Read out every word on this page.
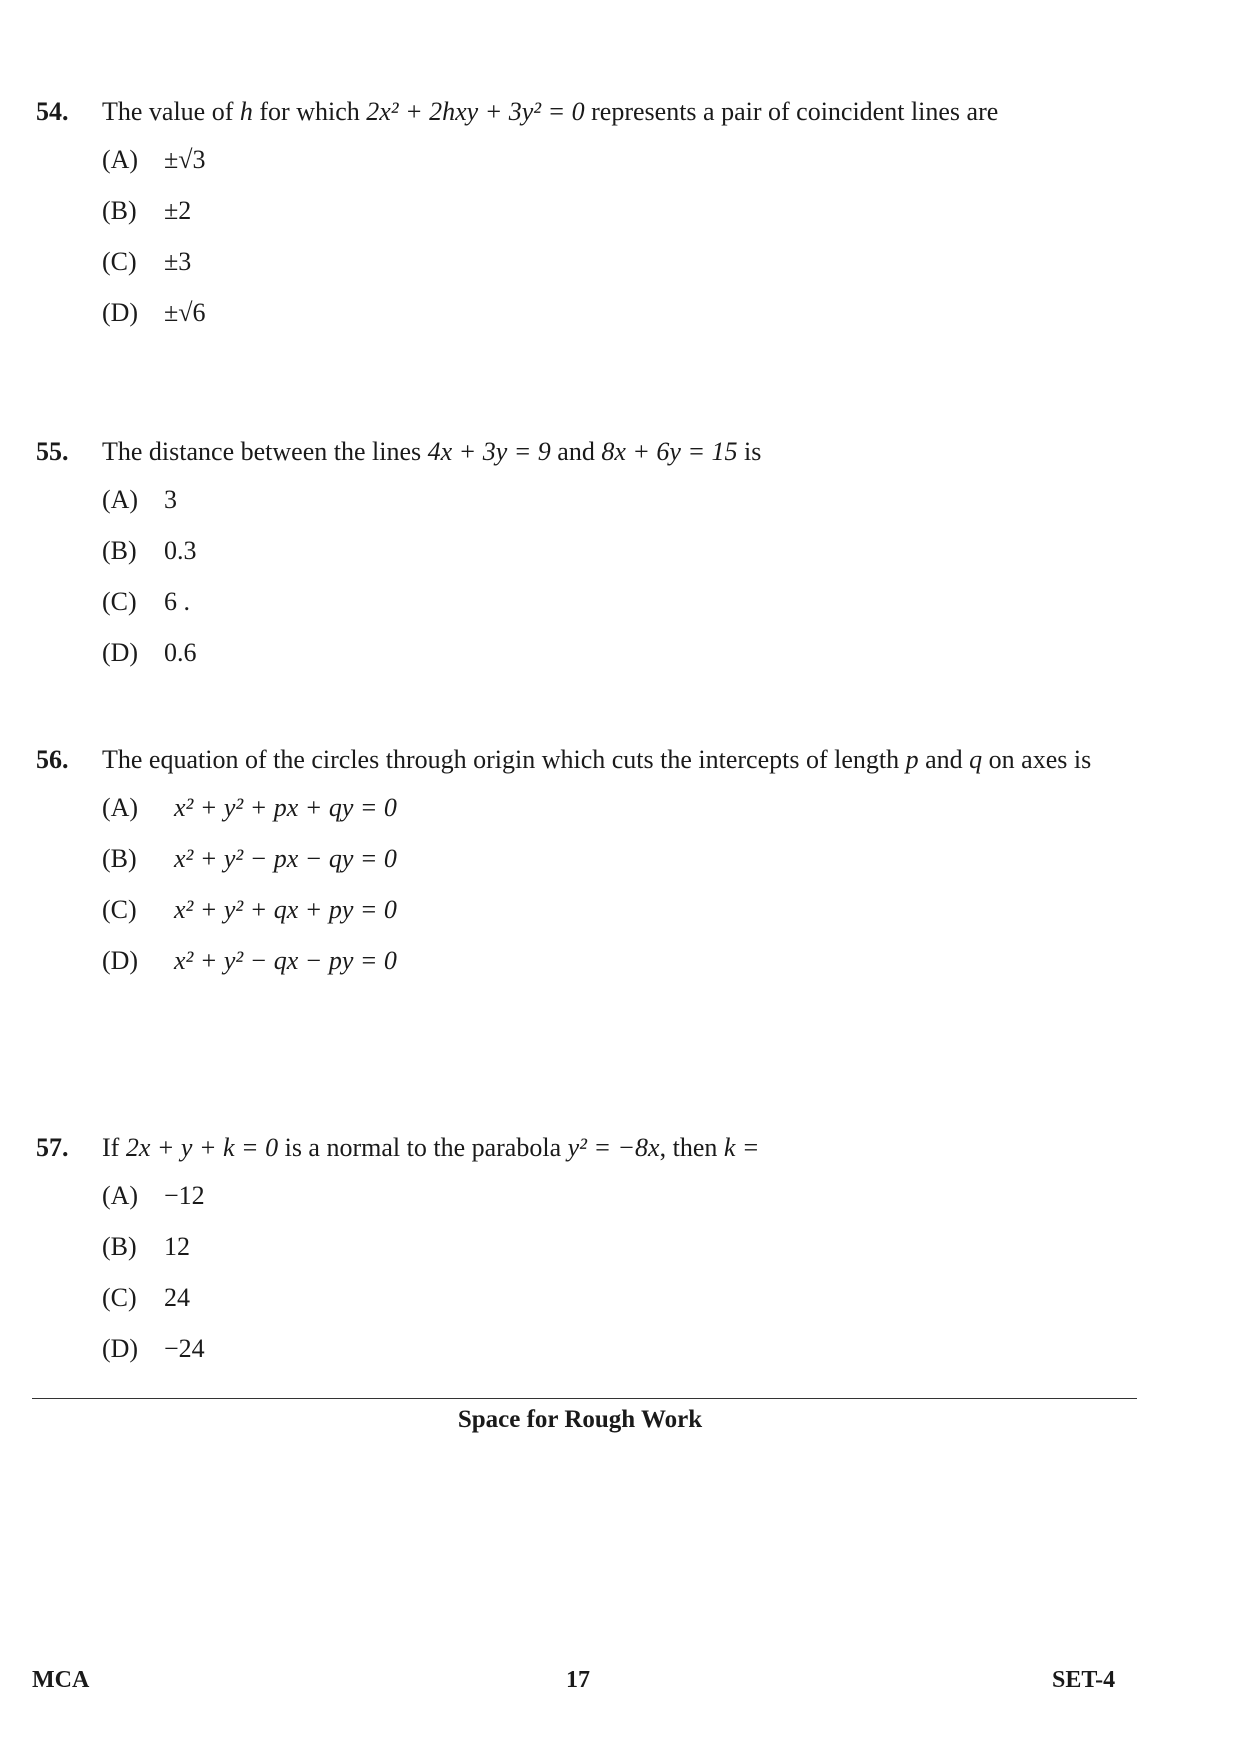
54.	The value of h for which 2x² + 2hxy + 3y² = 0 represents a pair of coincident lines are
(A) ±√3
(B)	±2
(C)	±3
(D) ±√6
55.	The distance between the lines 4x + 3y = 9 and 8x + 6y = 15 is
(A) 3
(B)	0.3
(C)	6 .
(D) 0.6
56.	The equation of the circles through origin which cuts the intercepts of length p and q on axes is
(A)	x² + y² + px + qy = 0
(B)	x² + y² − px − qy = 0
(C)	x² + y² + qx + py = 0
(D)	x² + y² − qx − py = 0
57.	If 2x + y + k = 0 is a normal to the parabola y² = −8x, then k =
(A) −12
(B)	12
(C)	24
(D) −24
Space for Rough Work
MCA	17	SET-4
